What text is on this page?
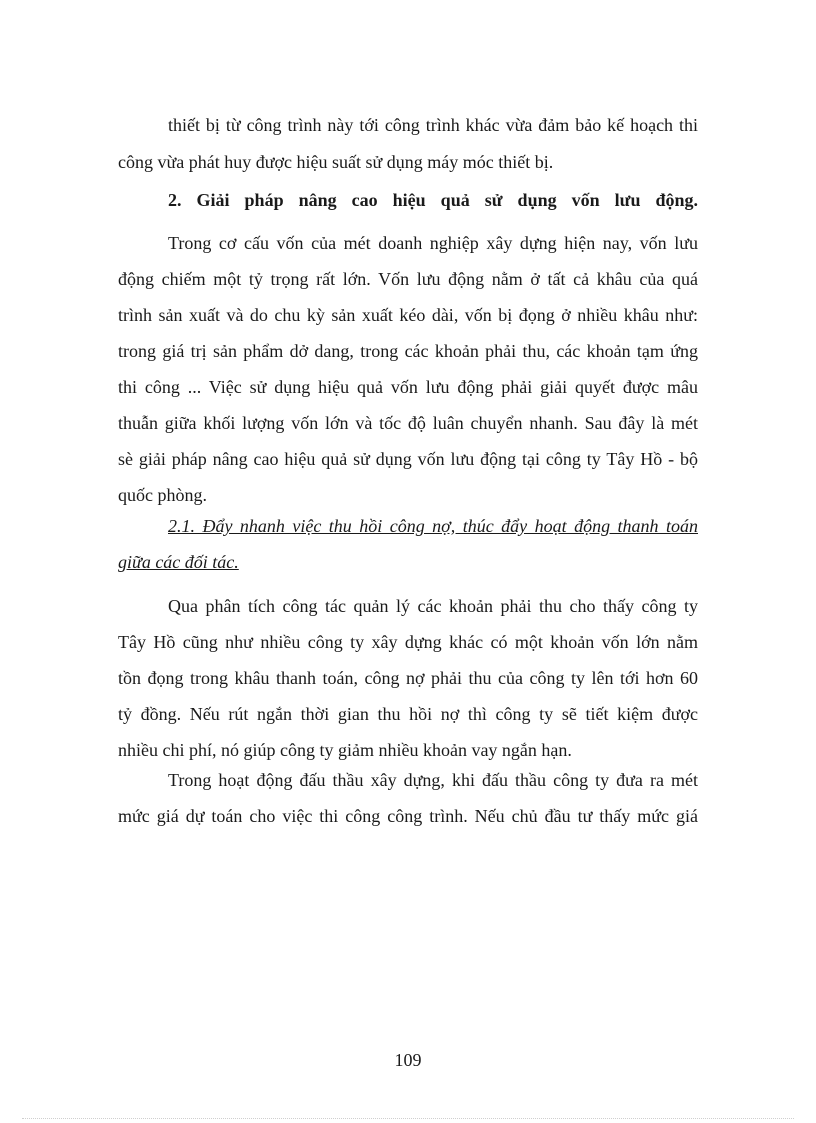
thiết bị từ công trình này tới công trình khác vừa đảm bảo kế hoạch thi
công vừa phát huy được hiệu suất sử dụng máy móc thiết bị.
2. Giải pháp nâng cao hiệu quả sử dụng vốn lưu động.
Trong cơ cấu vốn của mét doanh nghiệp xây dựng hiện nay, vốn lưu
động chiếm một tỷ trọng rất lớn. Vốn lưu động nằm ở tất cả khâu của quá
trình sản xuất và do chu kỳ sản xuất kéo dài, vốn bị đọng ở nhiều khâu như:
trong giá trị sản phẩm dở dang, trong các khoản phải thu, các khoản tạm ứng
thi công ... Việc sử dụng hiệu quả vốn lưu động phải giải quyết được mâu
thuẫn giữa khối lượng vốn lớn và tốc độ luân chuyển nhanh. Sau đây là mét
sè giải pháp nâng cao hiệu quả sử dụng vốn lưu động tại công ty Tây Hồ - bộ
quốc phòng.
2.1. Đẩy nhanh việc thu hồi công nợ, thúc đẩy hoạt động thanh toán
giữa các đối tác.
Qua phân tích công tác quản lý các khoản phải thu cho thấy công ty
Tây Hồ cũng như nhiều công ty xây dựng khác có một khoản vốn lớn nằm
tồn đọng trong khâu thanh toán, công nợ phải thu của công ty lên tới hơn 60
tỷ đồng. Nếu rút ngắn thời gian thu hồi nợ thì công ty sẽ tiết kiệm được
nhiều chi phí, nó giúp công ty giảm nhiều khoản vay ngắn hạn.
Trong hoạt động đấu thầu xây dựng, khi đấu thầu công ty đưa ra mét
mức giá dự toán cho việc thi công công trình. Nếu chủ đầu tư thấy mức giá
109
